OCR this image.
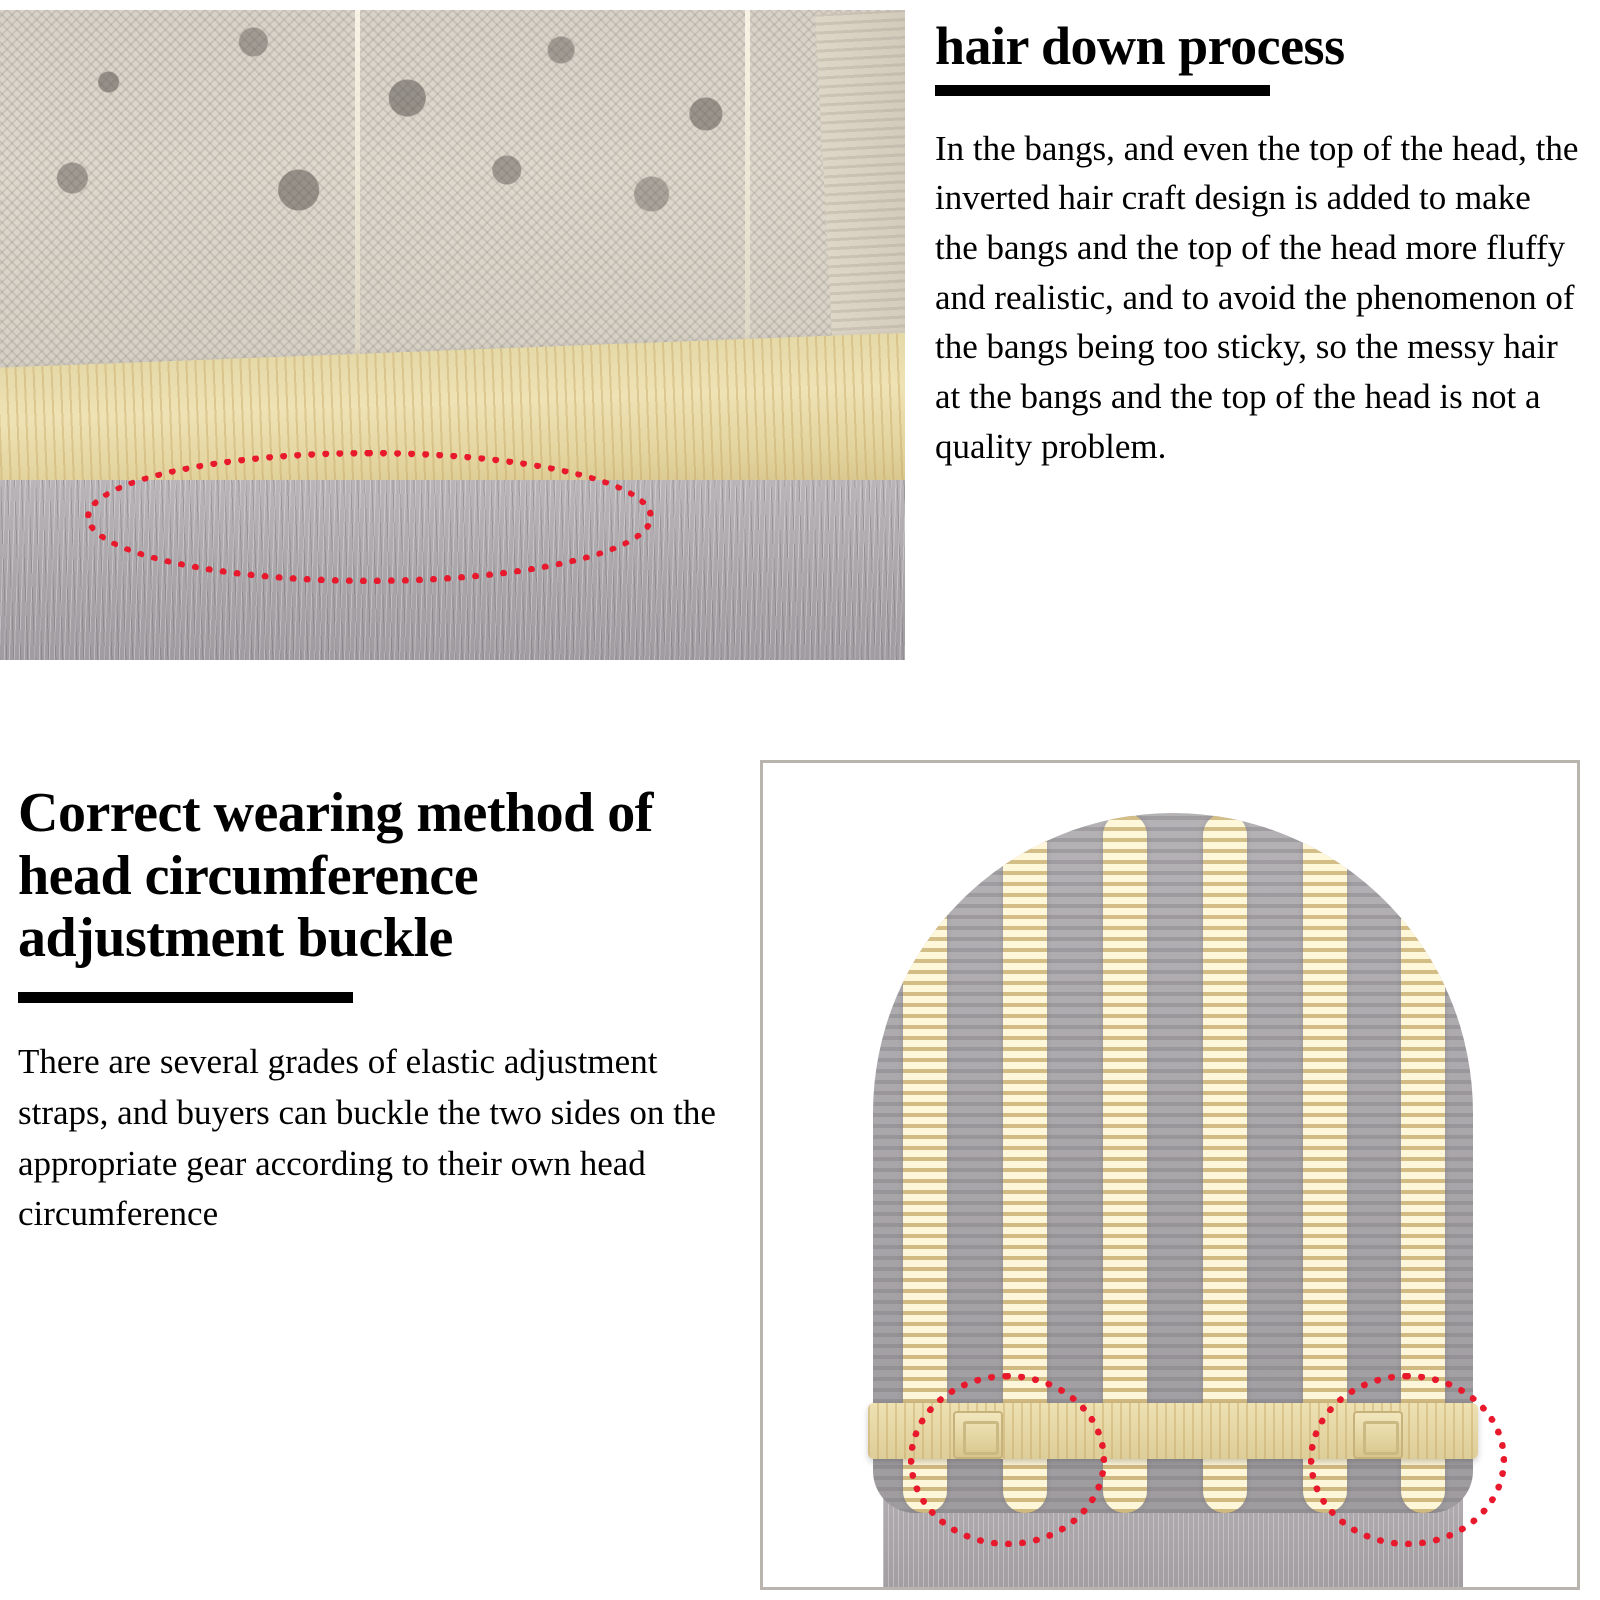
hair down process

In the bangs, and even the top of the head, the inverted hair craft design is added to make the bangs and the top of the head more fluffy and realistic, and to avoid the phenomenon of the bangs being too sticky, so the messy hair at the bangs and the top of the head is not a quality problem.

Correct wearing method of head circumference adjustment buckle

There are several grades of elastic adjustment straps, and buyers can buckle the two sides on the appropriate gear according to their own head circumference
